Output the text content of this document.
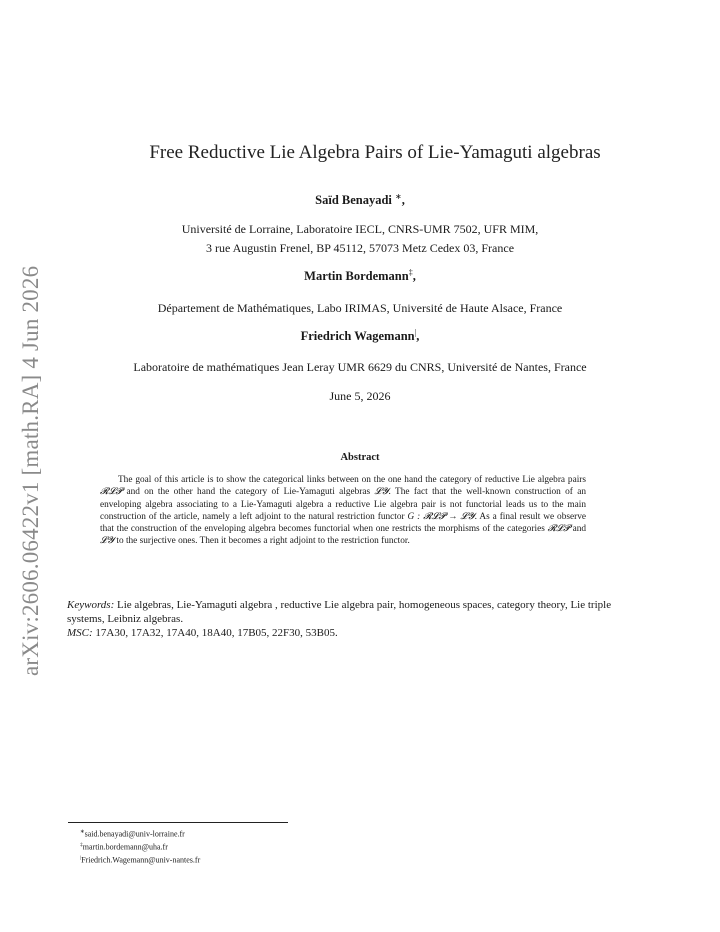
arXiv:2606.06422v1 [math.RA] 4 Jun 2026
Free Reductive Lie Algebra Pairs of Lie-Yamaguti algebras
Saïd Benayadi ∗,
Université de Lorraine, Laboratoire IECL, CNRS-UMR 7502, UFR MIM,
3 rue Augustin Frenel, BP 45112, 57073 Metz Cedex 03, France
Martin Bordemann‡,
Département de Mathématiques, Labo IRIMAS, Université de Haute Alsace, France
Friedrich Wagemann|,
Laboratoire de mathématiques Jean Leray UMR 6629 du CNRS, Université de Nantes, France
June 5, 2026
Abstract
The goal of this article is to show the categorical links between on the one hand the category of reductive Lie algebra pairs 𝓡𝓛𝓟 and on the other hand the category of Lie-Yamaguti algebras 𝓛𝓨. The fact that the well-known construction of an enveloping algebra associating to a Lie-Yamaguti algebra a reductive Lie algebra pair is not functorial leads us to the main construction of the article, namely a left adjoint to the natural restriction functor G : 𝓡𝓛𝓟 → 𝓛𝓨. As a final result we observe that the construction of the enveloping algebra becomes functorial when one restricts the morphisms of the categories 𝓡𝓛𝓟 and 𝓛𝓨 to the surjective ones. Then it becomes a right adjoint to the restriction functor.
Keywords: Lie algebras, Lie-Yamaguti algebra , reductive Lie algebra pair, homogeneous spaces, category theory, Lie triple systems, Leibniz algebras.
MSC: 17A30, 17A32, 17A40, 18A40, 17B05, 22F30, 53B05.
∗said.benayadi@univ-lorraine.fr
‡martin.bordemann@uha.fr
|Friedrich.Wagemann@univ-nantes.fr
